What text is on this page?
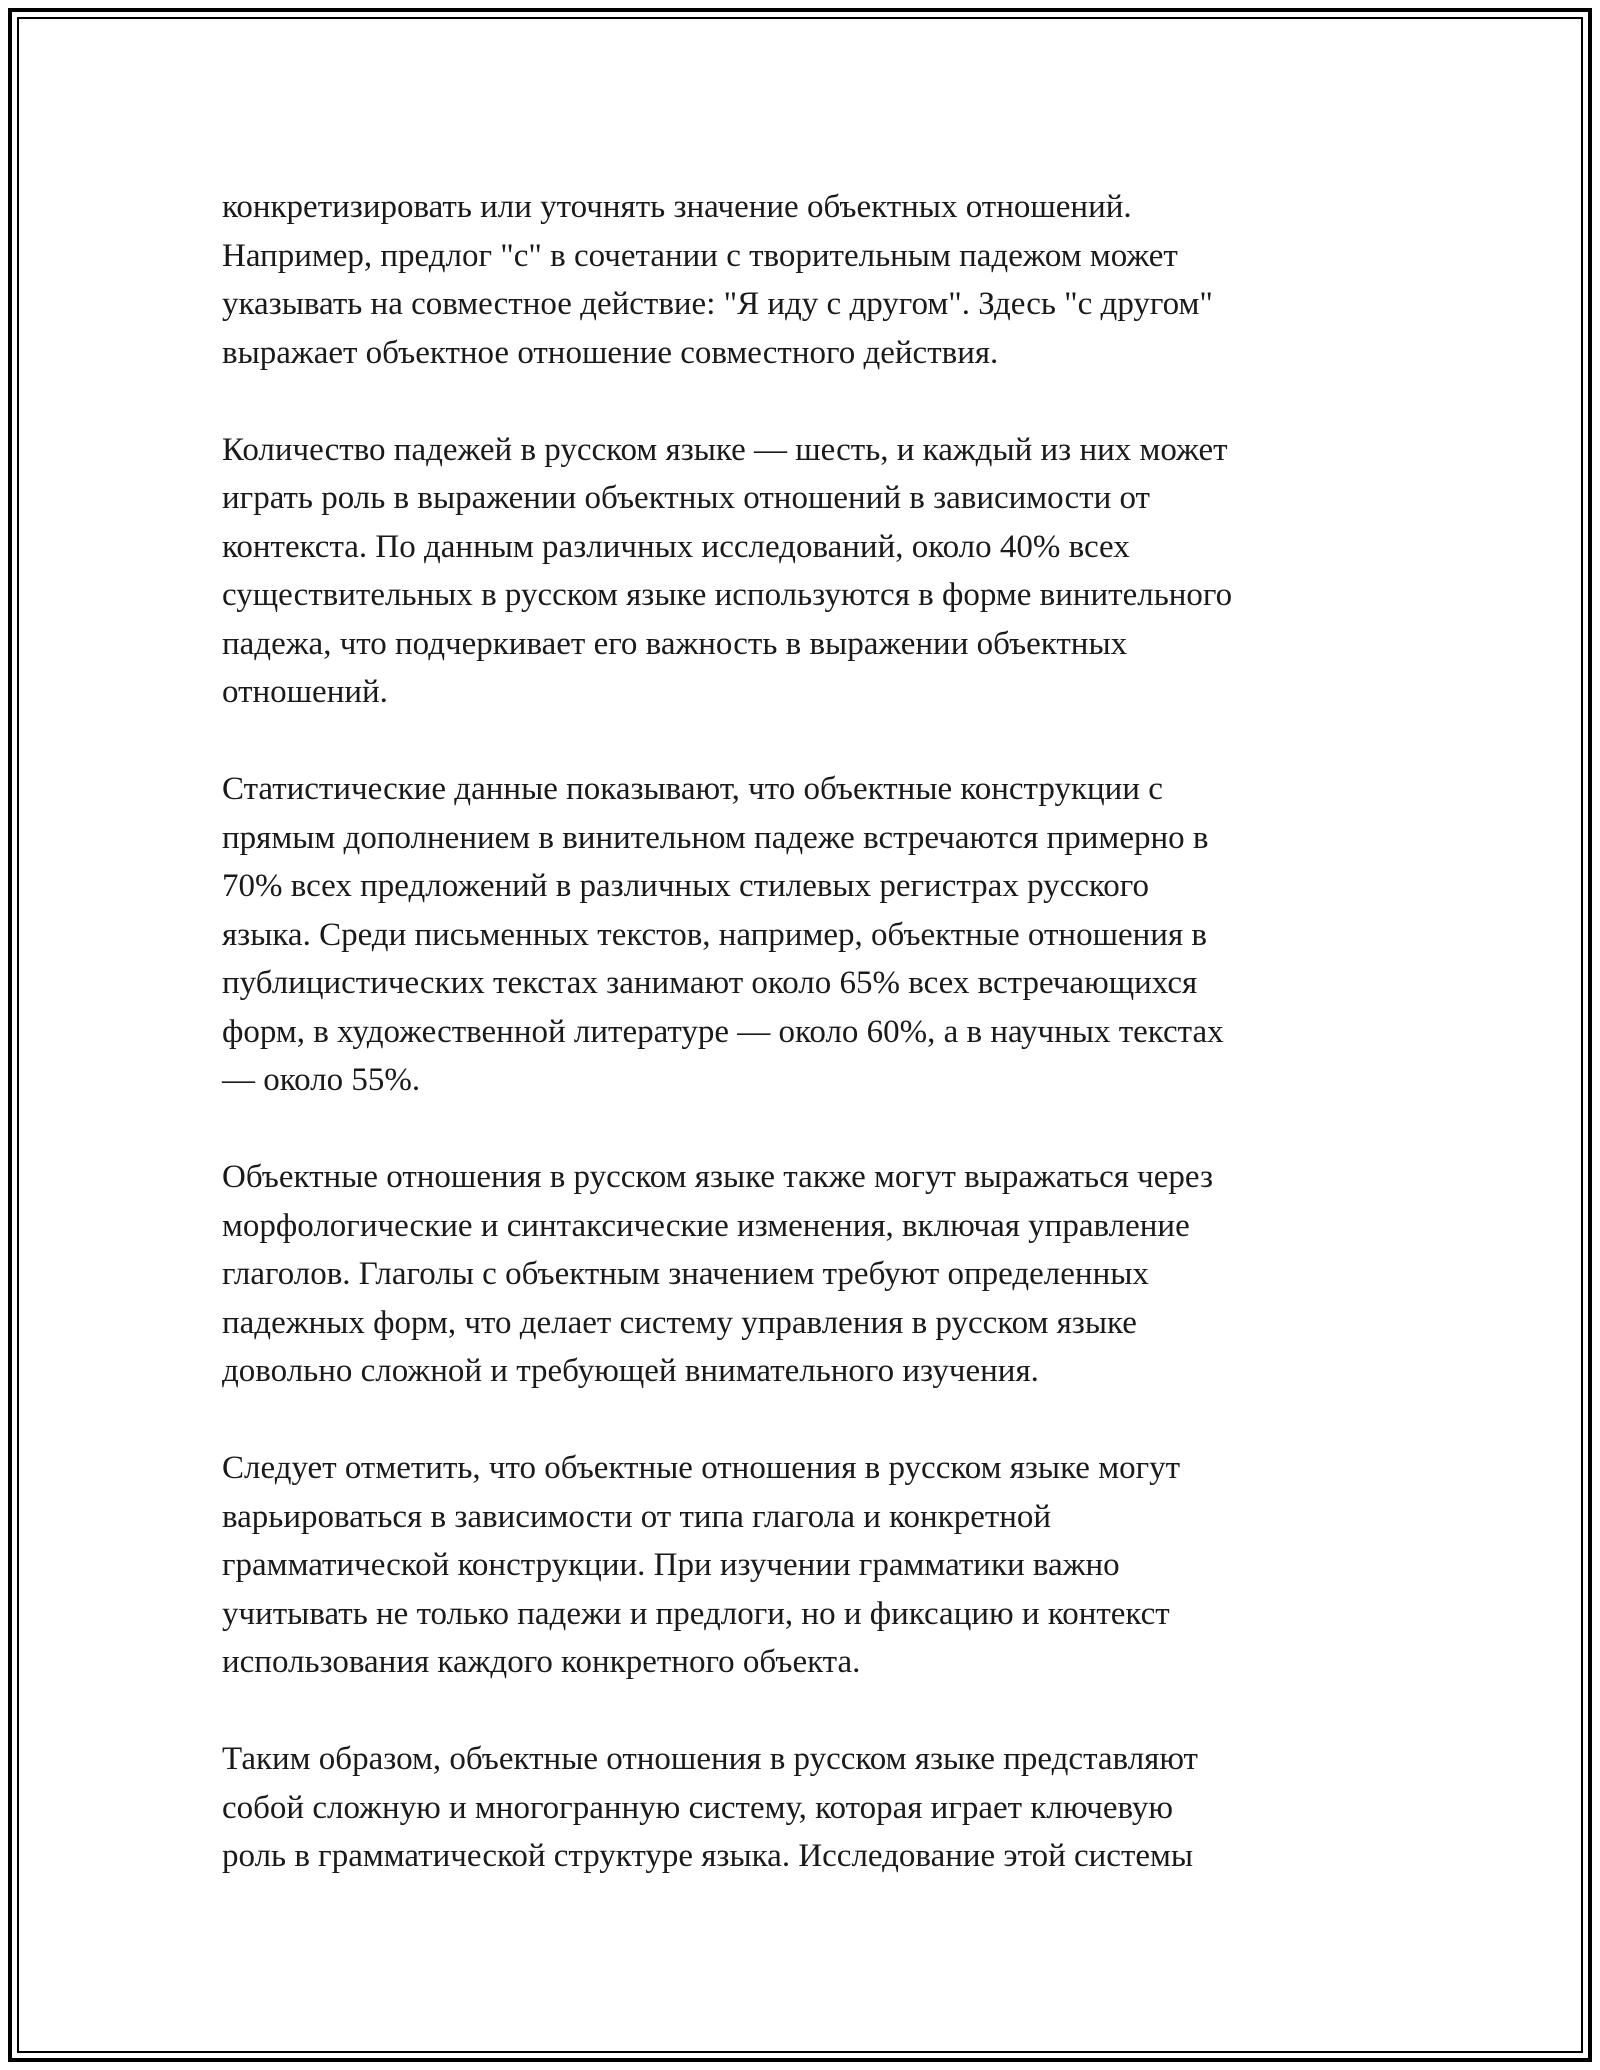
конкретизировать или уточнять значение объектных отношений.
Например, предлог "с" в сочетании с творительным падежом может
указывать на совместное действие: "Я иду с другом". Здесь "с другом"
выражает объектное отношение совместного действия.

Количество падежей в русском языке — шесть, и каждый из них может
играть роль в выражении объектных отношений в зависимости от
контекста. По данным различных исследований, около 40% всех
существительных в русском языке используются в форме винительного
падежа, что подчеркивает его важность в выражении объектных
отношений.

Статистические данные показывают, что объектные конструкции с
прямым дополнением в винительном падеже встречаются примерно в
70% всех предложений в различных стилевых регистрах русского
языка. Среди письменных текстов, например, объектные отношения в
публицистических текстах занимают около 65% всех встречающихся
форм, в художественной литературе — около 60%, а в научных текстах
— около 55%.

Объектные отношения в русском языке также могут выражаться через
морфологические и синтаксические изменения, включая управление
глаголов. Глаголы с объектным значением требуют определенных
падежных форм, что делает систему управления в русском языке
довольно сложной и требующей внимательного изучения.

Следует отметить, что объектные отношения в русском языке могут
варьироваться в зависимости от типа глагола и конкретной
грамматической конструкции. При изучении грамматики важно
учитывать не только падежи и предлоги, но и фиксацию и контекст
использования каждого конкретного объекта.

Таким образом, объектные отношения в русском языке представляют
собой сложную и многогранную систему, которая играет ключевую
роль в грамматической структуре языка. Исследование этой системы
